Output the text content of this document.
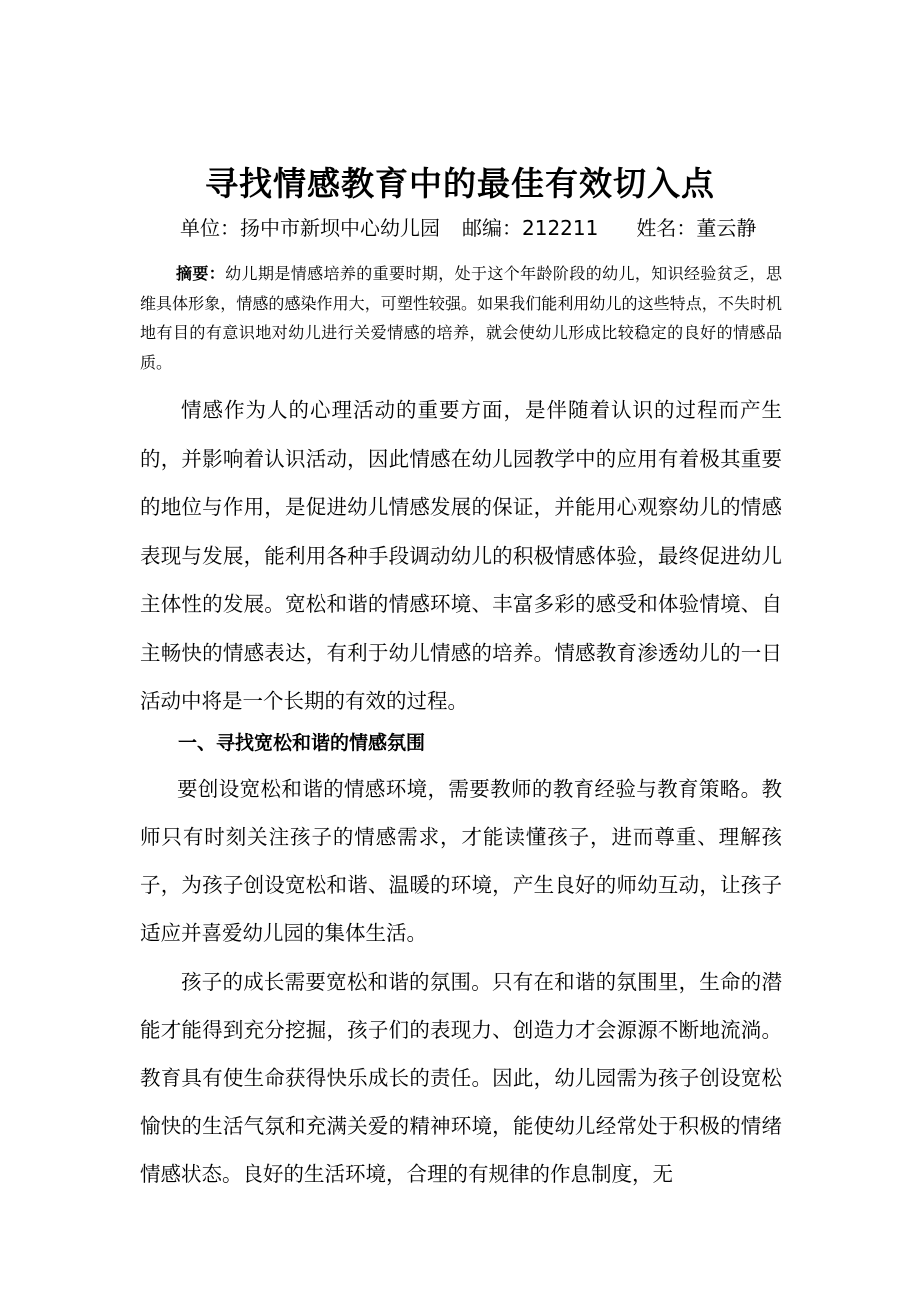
寻找情感教育中的最佳有效切入点
单位：扬中市新坝中心幼儿园 邮编：212211 姓名：董云静
摘要：幼儿期是情感培养的重要时期，处于这个年龄阶段的幼儿，知识经验贫乏，思维具体形象，情感的感染作用大，可塑性较强。如果我们能利用幼儿的这些特点，不失时机地有目的有意识地对幼儿进行关爱情感的培养，就会使幼儿形成比较稳定的良好的情感品质。
情感作为人的心理活动的重要方面，是伴随着认识的过程而产生的，并影响着认识活动，因此情感在幼儿园教学中的应用有着极其重要的地位与作用，是促进幼儿情感发展的保证，并能用心观察幼儿的情感表现与发展，能利用各种手段调动幼儿的积极情感体验，最终促进幼儿主体性的发展。宽松和谐的情感环境、丰富多彩的感受和体验情境、自主畅快的情感表达，有利于幼儿情感的培养。情感教育渗透幼儿的一日活动中将是一个长期的有效的过程。
一、寻找宽松和谐的情感氛围
要创设宽松和谐的情感环境，需要教师的教育经验与教育策略。教师只有时刻关注孩子的情感需求，才能读懂孩子，进而尊重、理解孩子，为孩子创设宽松和谐、温暖的环境，产生良好的师幼互动，让孩子适应并喜爱幼儿园的集体生活。
孩子的成长需要宽松和谐的氛围。只有在和谐的氛围里，生命的潜能才能得到充分挖掘，孩子们的表现力、创造力才会源源不断地流淌。教育具有使生命获得快乐成长的责任。因此，幼儿园需为孩子创设宽松愉快的生活气氛和充满关爱的精神环境，能使幼儿经常处于积极的情绪情感状态。良好的生活环境，合理的有规律的作息制度，无
